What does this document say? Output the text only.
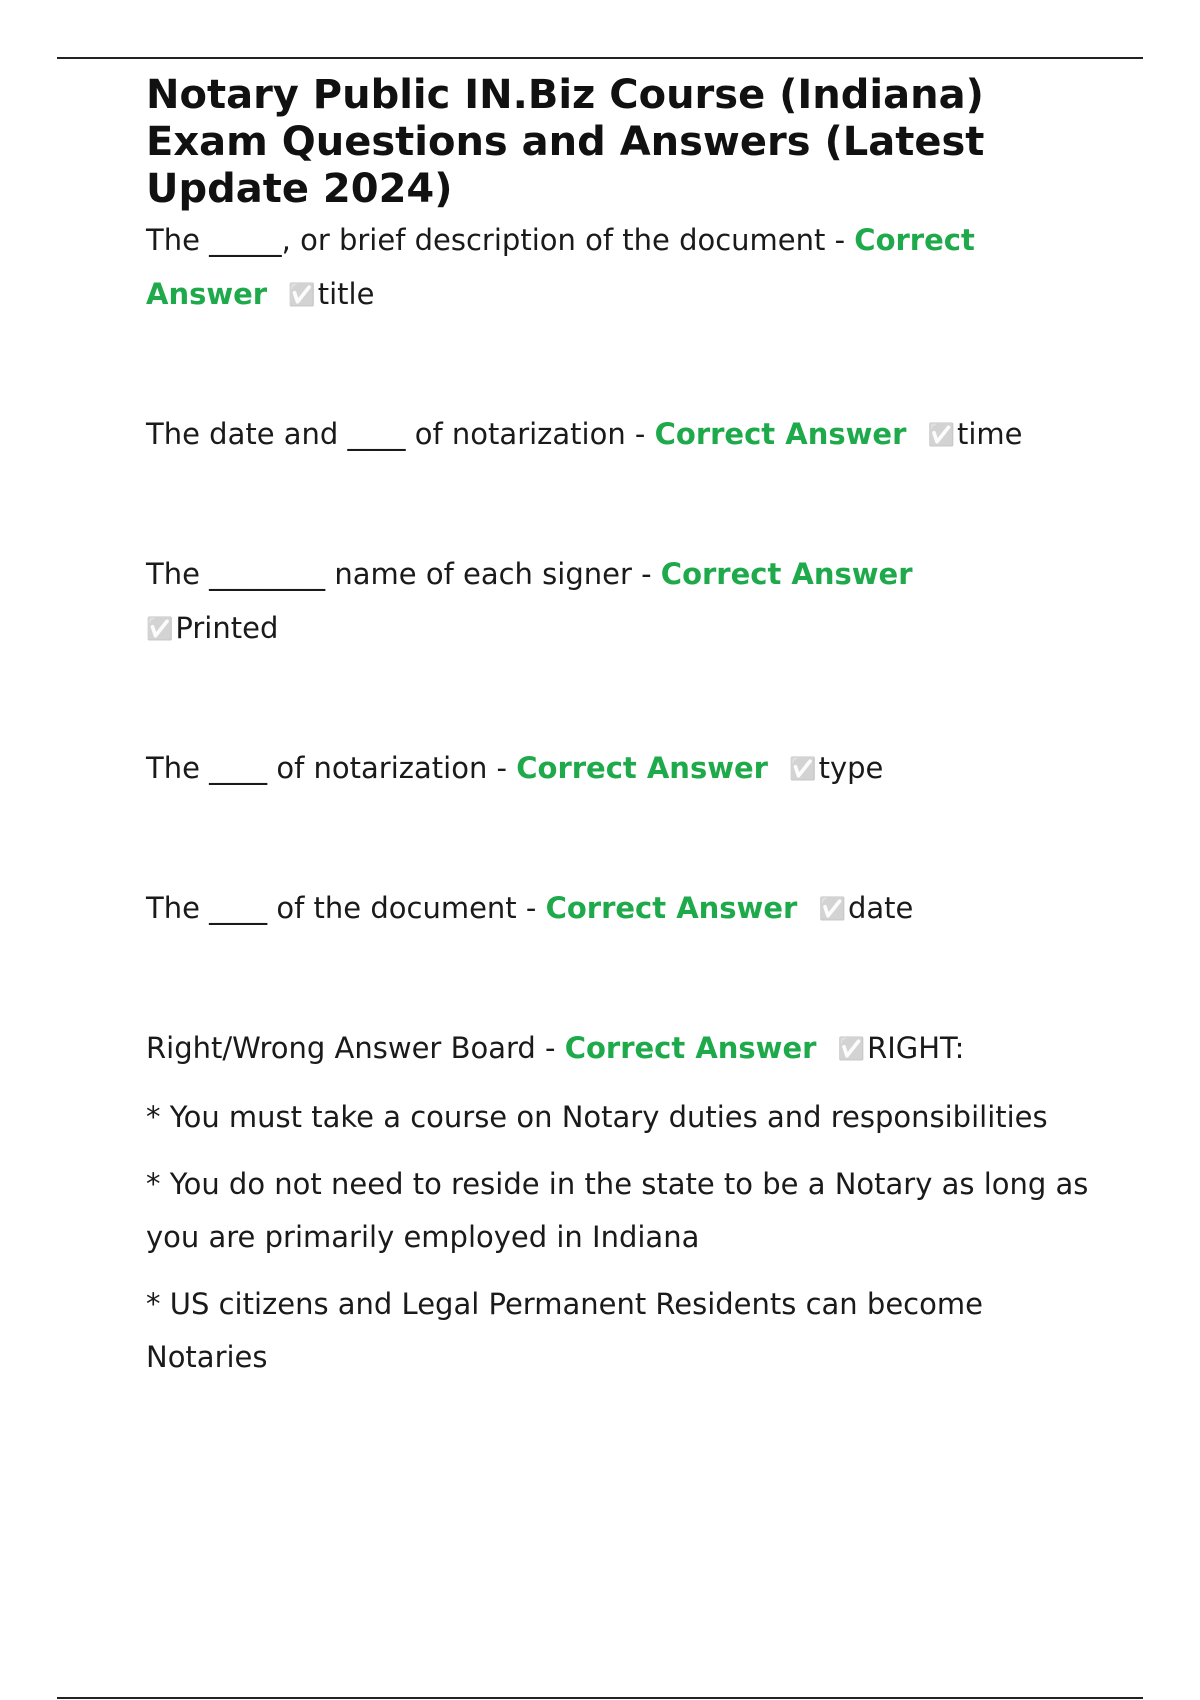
Notary Public IN.Biz Course (Indiana) Exam Questions and Answers (Latest Update 2024)

The _____, or brief description of the document - Correct Answer ✅title

The date and ____ of notarization - Correct Answer ✅time

The ________ name of each signer - Correct Answer
✅Printed

The ____ of notarization - Correct Answer ✅type

The ____ of the document - Correct Answer ✅date

Right/Wrong Answer Board - Correct Answer ✅RIGHT:

* You must take a course on Notary duties and responsibilities

* You do not need to reside in the state to be a Notary as long as you are primarily employed in Indiana

* US citizens and Legal Permanent Residents can become Notaries
